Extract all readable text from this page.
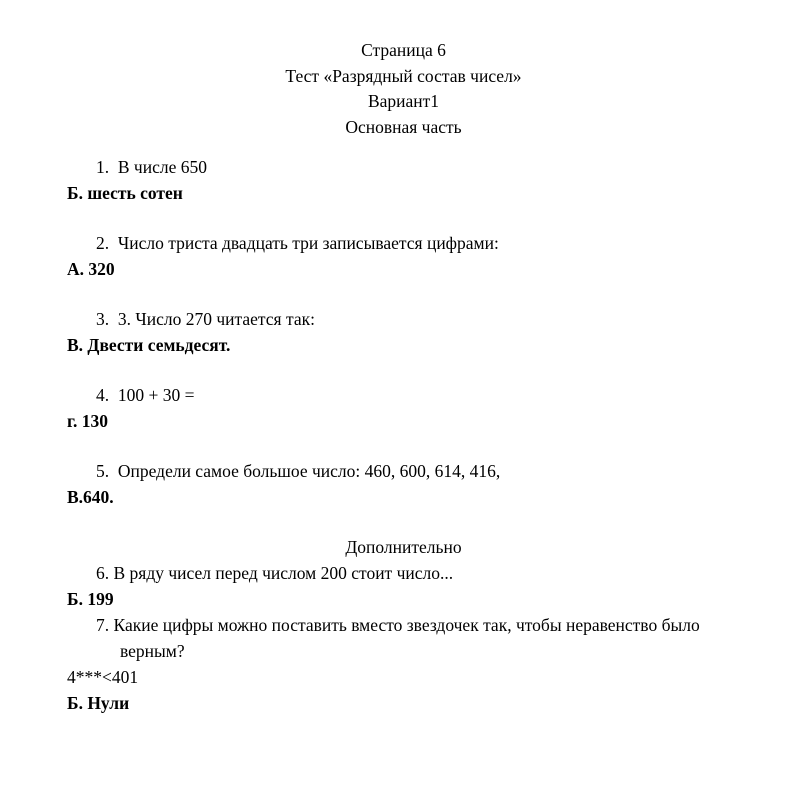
Страница 6
Тест «Разрядный состав чисел»
Вариант1
Основная часть

1. В числе 650

Б. шесть сотен

2. Число триста двадцать три записывается цифрами:

А. 320

3. 3. Число 270 читается так:

В. Двести семьдесят.

4. 100 + 30 =

г. 130

5. Определи самое большое число: 460, 600, 614, 416,

В.640.

Дополнительно

6. В ряду чисел перед числом 200 стоит число...

Б. 199

7. Какие цифры можно поставить вместо звездочек так, чтобы неравенство было верным?

4***<401

Б. Нули
